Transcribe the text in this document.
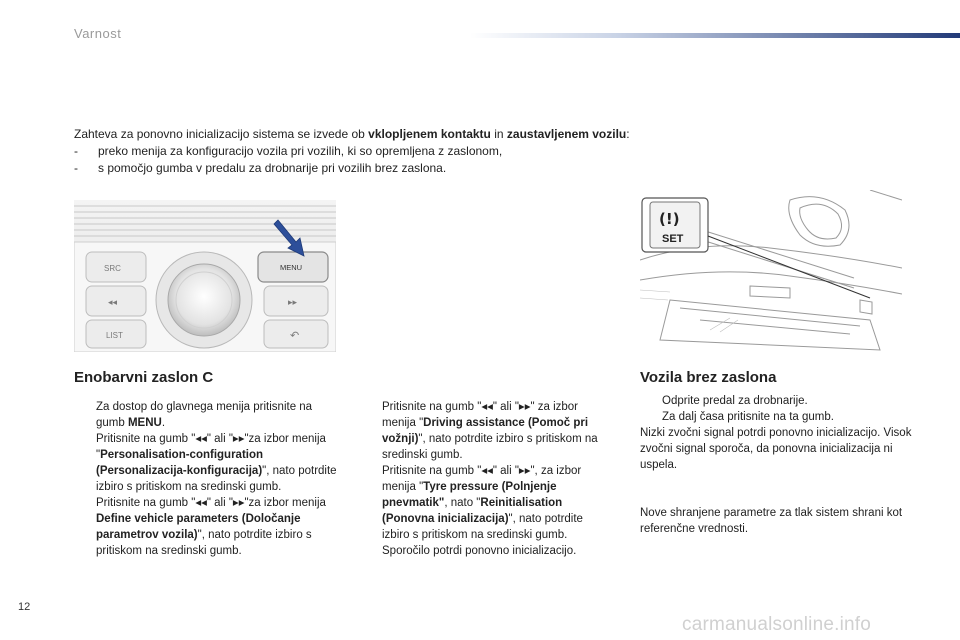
Varnost
Zahteva za ponovno inicializacijo sistema se izvede ob vklopljenem kontaktu in zaustavljenem vozilu:
-	preko menija za konfiguracijo vozila pri vozilih, ki so opremljena z zaslonom,
-	s pomočjo gumba v predalu za drobnarije pri vozilih brez zaslona.
SRC
◂◂
LIST
MENU
▸▸
↶
(!)
SET
Enobarvni zaslon C

Za dostop do glavnega menija pritisnite na gumb MENU.

Pritisnite na gumb "◂◂" ali "▸▸"za izbor menija "Personalisation-configuration (Personalizacija-konfiguracija)", nato potrdite izbiro s pritiskom na sredinski gumb.

Pritisnite na gumb "◂◂" ali "▸▸"za izbor menija Define vehicle parameters (Določanje parametrov vozila)", nato potrdite izbiro s pritiskom na sredinski gumb.

Pritisnite na gumb "◂◂" ali "▸▸" za izbor menija "Driving assistance (Pomoč pri vožnji)", nato potrdite izbiro s pritiskom na sredinski gumb.

Pritisnite na gumb "◂◂" ali "▸▸", za izbor menija "Tyre pressure (Polnjenje pnevmatik", nato "Reinitialisation (Ponovna inicializacija)", nato potrdite izbiro s pritiskom na sredinski gumb.
Sporočilo potrdi ponovno inicializacijo.

Vozila brez zaslona

Odprite predal za drobnarije.

Za dalj časa pritisnite na ta gumb.

Nizki zvočni signal potrdi ponovno inicializacijo. Visok zvočni signal sporoča, da ponovna inicializacija ni uspela.

Nove shranjene parametre za tlak sistem shrani kot referenčne vrednosti.

12
carmanualsonline.info
